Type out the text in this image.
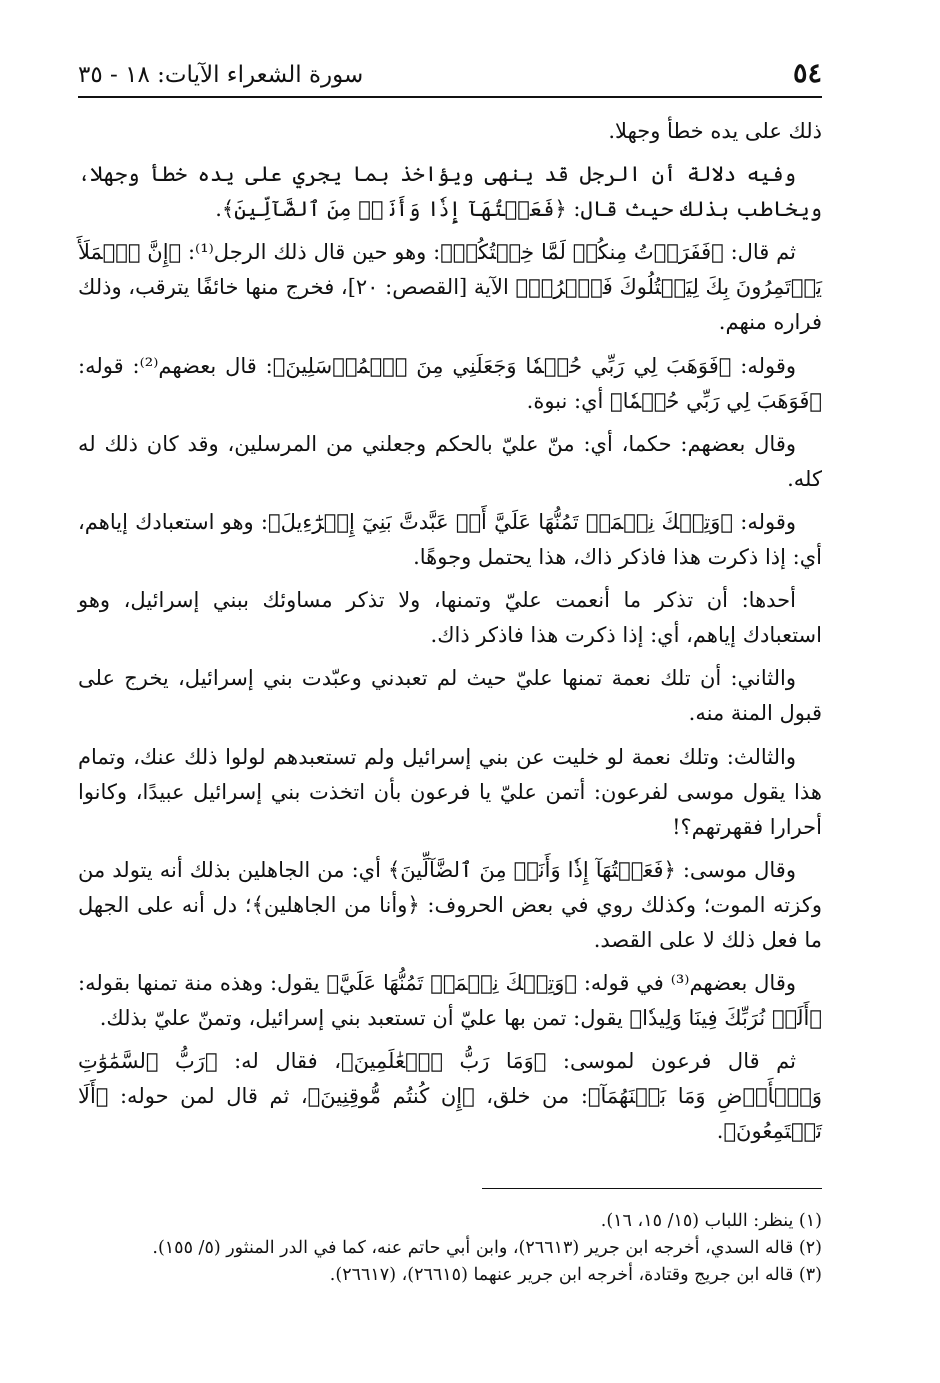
٥٤
سورة الشعراء الآيات: ١٨ - ٣٥

ذلك على يده خطأ وجهلا.

وفيه دلالة أن الرجل قد ينهى ويؤاخذ بما يجري على يده خطأ وجهلا، ويخاطب بذلك حيث قال: ﴿فَعَلۡتُهَآ إِذٗا وَأَنَا۠ مِنَ ٱلضَّآلِّينَ﴾.

ثم قال: ﴿فَفَرَرۡتُ مِنكُمۡ لَمَّا خِفۡتُكُمۡ﴾: وهو حين قال ذلك الرجل⁽¹⁾: ﴿إِنَّ ٱلۡمَلَأَ يَأۡتَمِرُونَ بِكَ لِيَقۡتُلُوكَ فَٱخۡرُجۡ﴾ الآية [القصص: ٢٠]، فخرج منها خائفًا يترقب، وذلك فراره منهم.

وقوله: ﴿فَوَهَبَ لِي رَبِّي حُكۡمٗا وَجَعَلَنِي مِنَ ٱلۡمُرۡسَلِينَ﴾: قال بعضهم⁽²⁾: قوله: ﴿فَوَهَبَ لِي رَبِّي حُكۡمٗا﴾ أي: نبوة.

وقال بعضهم: حكما، أي: منّ عليّ بالحكم وجعلني من المرسلين، وقد كان ذلك له كله.

وقوله: ﴿وَتِلۡكَ نِعۡمَةٞ تَمُنُّهَا عَلَيَّ أَنۡ عَبَّدتَّ بَنِيٓ إِسۡرَٰٓءِيلَ﴾: وهو استعبادك إياهم، أي: إذا ذكرت هذا فاذكر ذاك، هذا يحتمل وجوهًا.

أحدها: أن تذكر ما أنعمت عليّ وتمنها، ولا تذكر مساوئك ببني إسرائيل، وهو استعبادك إياهم، أي: إذا ذكرت هذا فاذكر ذاك.

والثاني: أن تلك نعمة تمنها عليّ حيث لم تعبدني وعبّدت بني إسرائيل، يخرج على قبول المنة منه.

والثالث: وتلك نعمة لو خليت عن بني إسرائيل ولم تستعبدهم لولوا ذلك عنك، وتمام هذا يقول موسى لفرعون: أتمن عليّ يا فرعون بأن اتخذت بني إسرائيل عبيدًا، وكانوا أحرارا فقهرتهم؟!

وقال موسى: ﴿فَعَلۡتُهَآ إِذٗا وَأَنَا۠ مِنَ ٱلضَّآلِّينَ﴾ أي: من الجاهلين بذلك أنه يتولد من وكزته الموت؛ وكذلك روي في بعض الحروف: ﴿وأنا من الجاهلين﴾؛ دل أنه على الجهل ما فعل ذلك لا على القصد.

وقال بعضهم⁽³⁾ في قوله: ﴿وَتِلۡكَ نِعۡمَةٞ تَمُنُّهَا عَلَيَّ﴾ يقول: وهذه منة تمنها بقوله: ﴿أَلَمۡ نُرَبِّكَ فِينَا وَلِيدٗا﴾ يقول: تمن بها عليّ أن تستعبد بني إسرائيل، وتمنّ عليّ بذلك.

ثم قال فرعون لموسى: ﴿وَمَا رَبُّ ٱلۡعَٰلَمِينَ﴾، فقال له: ﴿رَبُّ ٱلسَّمَٰوَٰتِ وَٱلۡأَرۡضِ وَمَا بَيۡنَهُمَآ﴾: من خلق، ﴿إِن كُنتُم مُّوقِنِينَ﴾، ثم قال لمن حوله: ﴿أَلَا تَسۡتَمِعُونَ﴾.

(١) ينظر: اللباب (١٥/ ١٥، ١٦).

(٢) قاله السدي، أخرجه ابن جرير (٢٦٦١٣)، وابن أبي حاتم عنه، كما في الدر المنثور (٥/ ١٥٥).

(٣) قاله ابن جريج وقتادة، أخرجه ابن جرير عنهما (٢٦٦١٥)، (٢٦٦١٧).
